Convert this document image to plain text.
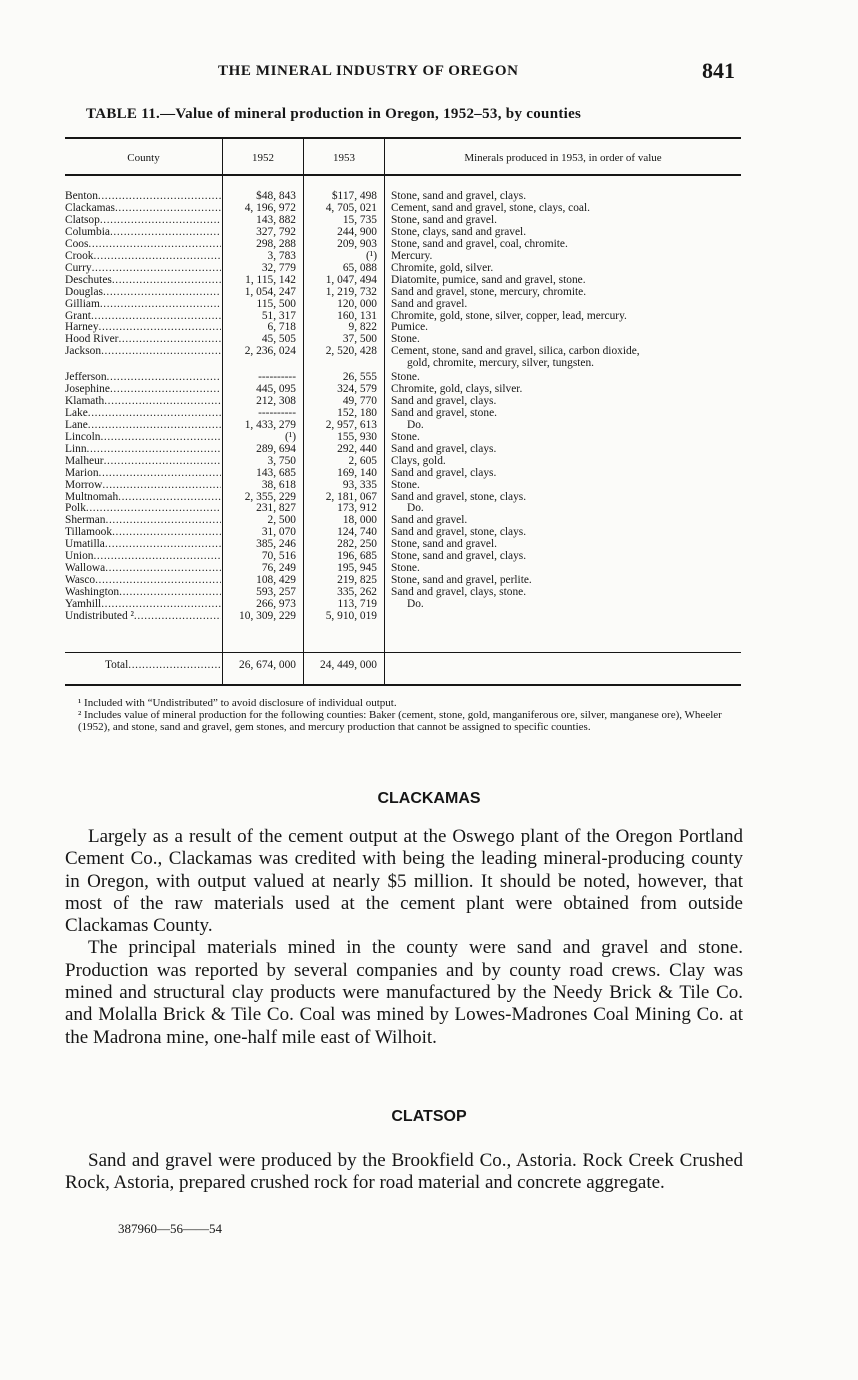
THE MINERAL INDUSTRY OF OREGON	841
TABLE 11.—Value of mineral production in Oregon, 1952–53, by counties
County	1952	1953	Minerals produced in 1953, in order of value
Benton .....	$48, 843	$117, 498 Stone, sand and gravel, clays.
Clackamas .....	4, 196, 972	4, 705, 021 Cement, sand and gravel, stone, clays, coal.
Clatsop .....	143, 882	15, 735 Stone, sand and gravel.
Columbia .....	327, 792	244, 900 Stone, clays, sand and gravel.
Coos .....	298, 288	209, 903 Stone, sand and gravel, coal, chromite.
Crook .....	3, 783	(¹) Mercury.
Curry .....	32, 779	65, 088 Chromite, gold, silver.
Deschutes .....	1, 115, 142	1, 047, 494 Diatomite, pumice, sand and gravel, stone.
Douglas .....	1, 054, 247	1, 219, 732 Sand and gravel, stone, mercury, chromite.
Gilliam .....	115, 500	120, 000 Sand and gravel.
Grant .....	51, 317	160, 131 Chromite, gold, stone, silver, copper, lead, mercury.
Harney .....	6, 718	9, 822 Pumice.
Hood River .....	45, 505	37, 500 Stone.
Jackson .....	2, 236, 024	2, 520, 428 Cement, stone, sand and gravel, silica, carbon dioxide,
gold, chromite, mercury, silver, tungsten.
Jefferson .....	----------	26, 555 Stone.
Josephine .....	445, 095	324, 579 Chromite, gold, clays, silver.
Klamath .....	212, 308	49, 770 Sand and gravel, clays.
Lake .....	----------	152, 180 Sand and gravel, stone.
Lane .....	1, 433, 279	2, 957, 613	Do.
Lincoln .....	(¹)	155, 930 Stone.
Linn .....	289, 694	292, 440 Sand and gravel, clays.
Malheur .....	3, 750	2, 605 Clays, gold.
Marion .....	143, 685	169, 140 Sand and gravel, clays.
Morrow .....	38, 618	93, 335 Stone.
Multnomah .....	2, 355, 229	2, 181, 067 Sand and gravel, stone, clays.
Polk .....	231, 827	173, 912	Do.
Sherman .....	2, 500	18, 000 Sand and gravel.
Tillamook .....	31, 070	124, 740 Sand and gravel, stone, clays.
Umatilla .....	385, 246	282, 250 Stone, sand and gravel.
Union .....	70, 516	196, 685 Stone, sand and gravel, clays.
Wallowa .....	76, 249	195, 945 Stone.
Wasco .....	108, 429	219, 825 Stone, sand and gravel, perlite.
Washington .....	593, 257	335, 262 Sand and gravel, clays, stone.
Yamhill .....	266, 973	113, 719	Do.
Undistributed ² .....	10, 309, 229	5, 910, 019
Total .....	26, 674, 000	24, 449, 000

¹ Included with “Undistributed” to avoid disclosure of individual output.

² Includes value of mineral production for the following counties: Baker (cement, stone, gold, manganiferous ore, silver, manganese ore), Wheeler (1952), and stone, sand and gravel, gem stones, and mercury production that cannot be assigned to specific counties.

CLACKAMAS

Largely as a result of the cement output at the Oswego plant of the Oregon Portland Cement Co., Clackamas was credited with being the leading mineral-producing county in Oregon, with output valued at nearly $5 million. It should be noted, however, that most of the raw materials used at the cement plant were obtained from outside Clackamas County.

The principal materials mined in the county were sand and gravel and stone. Production was reported by several companies and by county road crews. Clay was mined and structural clay products were manufactured by the Needy Brick & Tile Co. and Molalla Brick & Tile Co. Coal was mined by Lowes-Madrones Coal Mining Co. at the Madrona mine, one-half mile east of Wilhoit.

CLATSOP

Sand and gravel were produced by the Brookfield Co., Astoria. Rock Creek Crushed Rock, Astoria, prepared crushed rock for road material and concrete aggregate.

387960—56——54
